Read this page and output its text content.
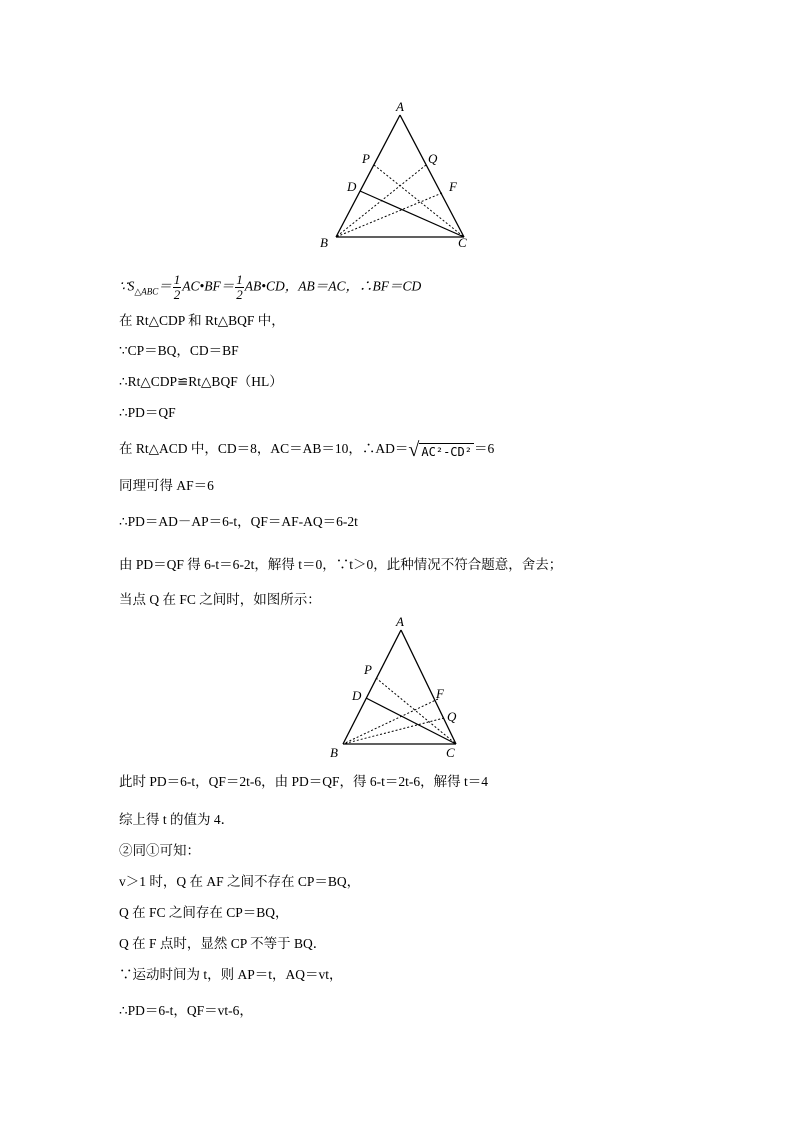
A
P	Q
D	F
B	C
$\because S_{\triangle ABC}= \frac{1}{2}$ AC•BF＝ $\frac{1}{2}$ AB•CD，AB＝AC，∴BF＝CD
在 Rt△CDP 和 Rt△BQF 中，
∵CP＝BQ，CD＝BF
∴Rt△CDP≌Rt△BQF（HL）
∴PD＝QF
在 Rt△ACD 中，CD＝8，AC＝AB＝10，∴AD＝√ AC²-CD² ＝6
同理可得 AF＝6
∴PD＝AD－AP＝6-t，QF＝AF-AQ＝6-2t
由 PD＝QF 得 6-t＝6-2t，解得 t＝0，∵t＞0，此种情况不符合题意，舍去；
当点 Q 在 FC 之间时，如图所示：
A
P
D	F
Q
B	C
此时 PD＝6-t，QF＝2t-6，由 PD＝QF，得 6-t＝2t-6，解得 t＝4
综上得 t 的值为 4．
②同①可知：
v＞1 时，Q 在 AF 之间不存在 CP＝BQ，
Q 在 FC 之间存在 CP＝BQ，
Q 在 F 点时，显然 CP 不等于 BQ．
∵运动时间为 t，则 AP＝t，AQ＝vt，
∴PD＝6-t，QF＝vt-6，
